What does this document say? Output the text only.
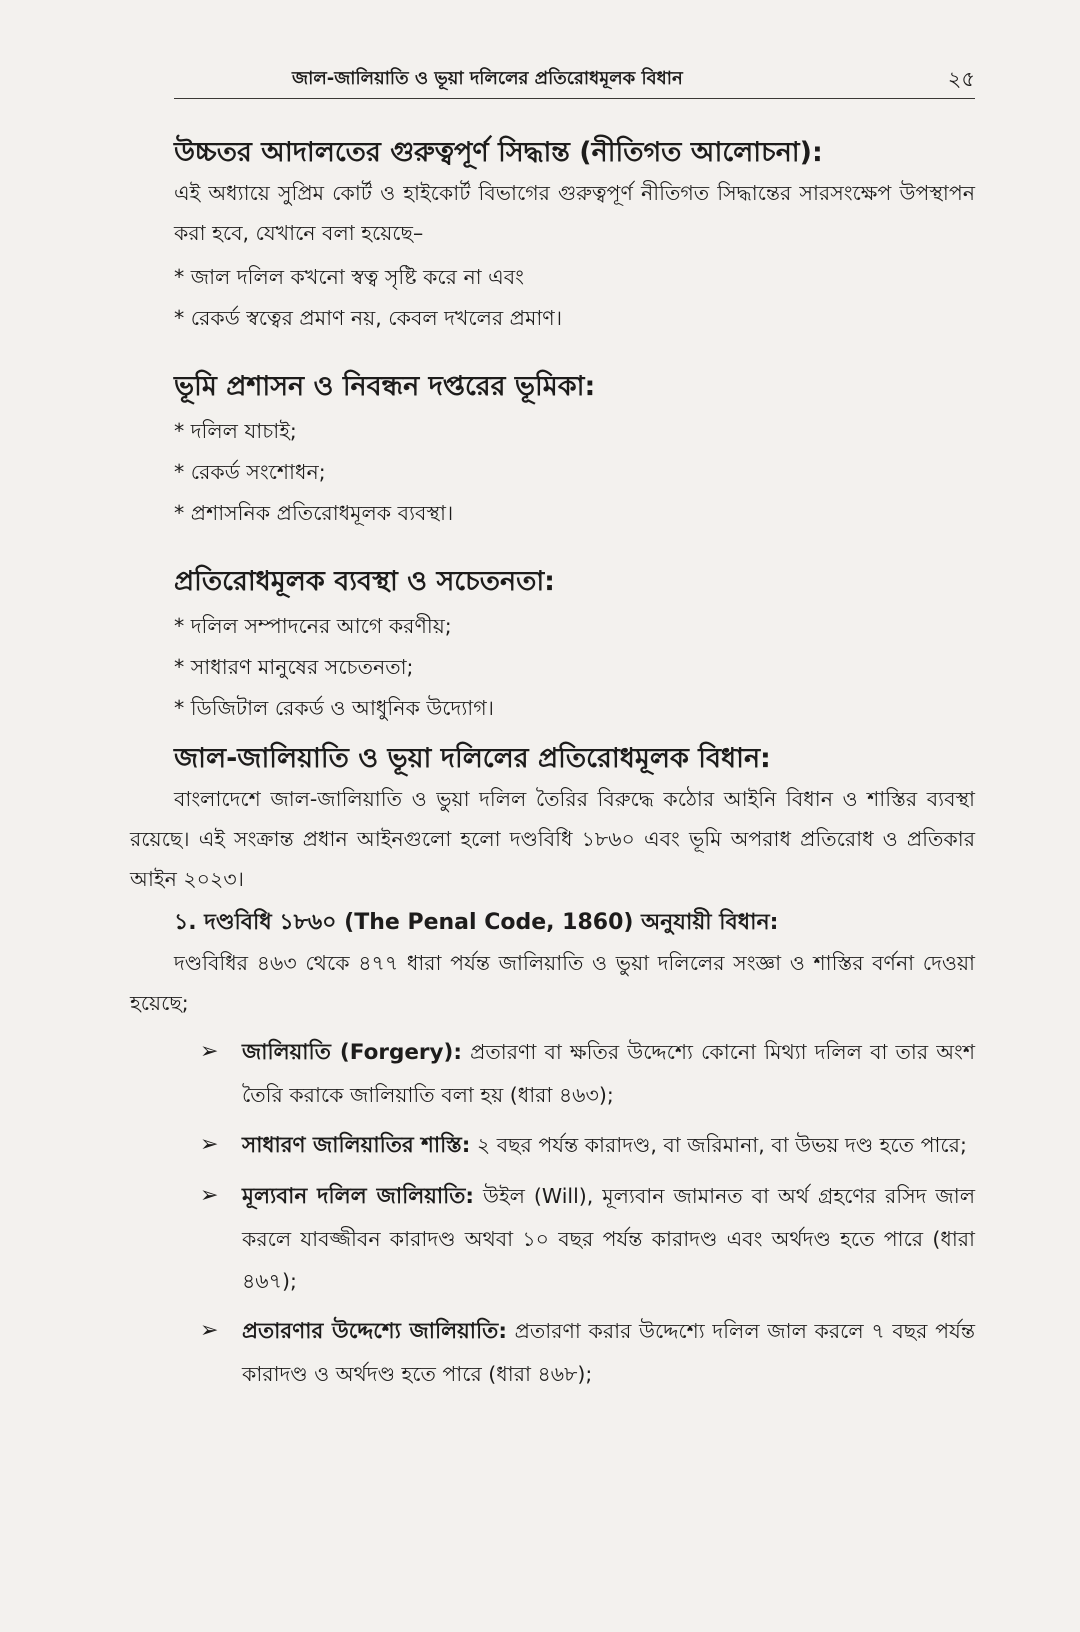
জাল-জালিয়াতি ও ভূয়া দলিলের প্রতিরোধমূলক বিধান	২৫
উচ্চতর আদালতের গুরুত্বপূর্ণ সিদ্ধান্ত (নীতিগত আলোচনা):

এই অধ্যায়ে সুপ্রিম কোর্ট ও হাইকোর্ট বিভাগের গুরুত্বপূর্ণ নীতিগত সিদ্ধান্তের সারসংক্ষেপ উপস্থাপন করা হবে, যেখানে বলা হয়েছে–

* জাল দলিল কখনো স্বত্ব সৃষ্টি করে না এবং
* রেকর্ড স্বত্বের প্রমাণ নয়, কেবল দখলের প্রমাণ।
ভূমি প্রশাসন ও নিবন্ধন দপ্তরের ভূমিকা:
* দলিল যাচাই;
* রেকর্ড সংশোধন;
* প্রশাসনিক প্রতিরোধমূলক ব্যবস্থা।
প্রতিরোধমূলক ব্যবস্থা ও সচেতনতা:
* দলিল সম্পাদনের আগে করণীয়;
* সাধারণ মানুষের সচেতনতা;
* ডিজিটাল রেকর্ড ও আধুনিক উদ্যোগ।
জাল-জালিয়াতি ও ভূয়া দলিলের প্রতিরোধমূলক বিধান:

বাংলাদেশে জাল-জালিয়াতি ও ভুয়া দলিল তৈরির বিরুদ্ধে কঠোর আইনি বিধান ও শাস্তির ব্যবস্থা রয়েছে। এই সংক্রান্ত প্রধান আইনগুলো হলো দণ্ডবিধি ১৮৬০ এবং ভূমি অপরাধ প্রতিরোধ ও প্রতিকার আইন ২০২৩।

১. দণ্ডবিধি ১৮৬০ (The Penal Code, 1860) অনুযায়ী বিধান:

দণ্ডবিধির ৪৬৩ থেকে ৪৭৭ ধারা পর্যন্ত জালিয়াতি ও ভুয়া দলিলের সংজ্ঞা ও শাস্তির বর্ণনা দেওয়া হয়েছে;

➢ জালিয়াতি (Forgery): প্রতারণা বা ক্ষতির উদ্দেশ্যে কোনো মিথ্যা দলিল বা তার অংশ তৈরি করাকে জালিয়াতি বলা হয় (ধারা ৪৬৩);
➢ সাধারণ জালিয়াতির শাস্তি: ২ বছর পর্যন্ত কারাদণ্ড, বা জরিমানা, বা উভয় দণ্ড হতে পারে;
➢ মূল্যবান দলিল জালিয়াতি: উইল (Will), মূল্যবান জামানত বা অর্থ গ্রহণের রসিদ জাল করলে যাবজ্জীবন কারাদণ্ড অথবা ১০ বছর পর্যন্ত কারাদণ্ড এবং অর্থদণ্ড হতে পারে (ধারা ৪৬৭);
➢ প্রতারণার উদ্দেশ্যে জালিয়াতি: প্রতারণা করার উদ্দেশ্যে দলিল জাল করলে ৭ বছর পর্যন্ত কারাদণ্ড ও অর্থদণ্ড হতে পারে (ধারা ৪৬৮);
